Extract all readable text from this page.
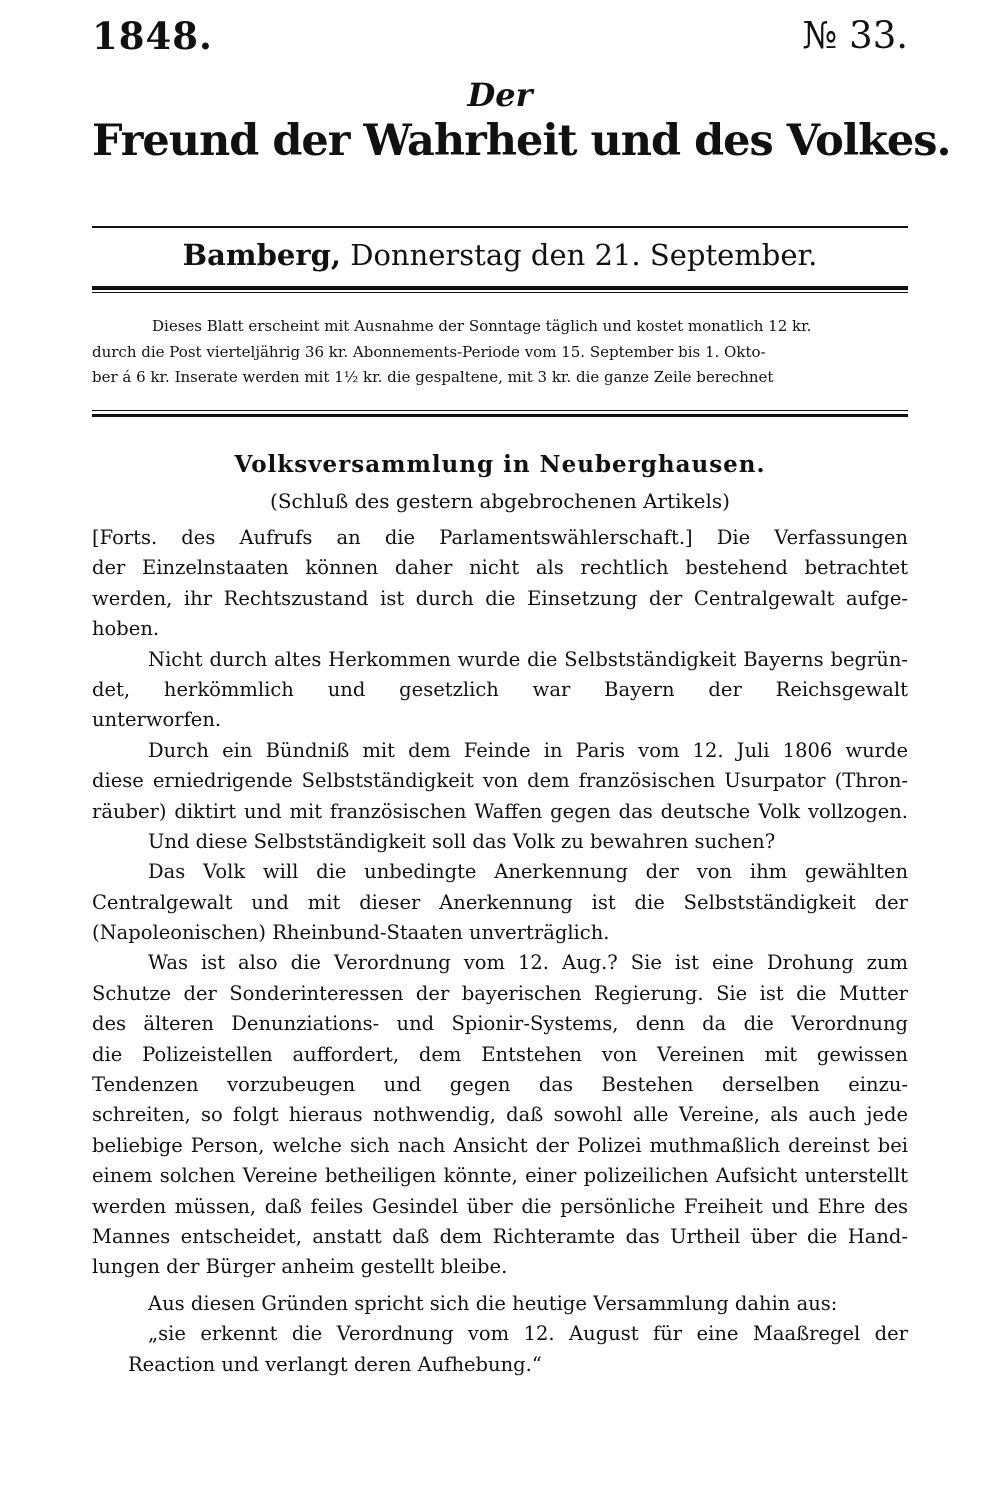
1848.	№ 33.
Der
Freund der Wahrheit und des Volkes.
Bamberg, Donnerstag den 21. September.
Dieses Blatt erscheint mit Ausnahme der Sonntage täglich und kostet monatlich 12 kr.
durch die Post vierteljährig 36 kr. Abonnements-Periode vom 15. September bis 1. Okto-
ber á 6 kr. Inserate werden mit 1½ kr. die gespaltene, mit 3 kr. die ganze Zeile berechnet
Volksversammlung in Neuberghausen.
(Schluß des gestern abgebrochenen Artikels)
[Forts. des Aufrufs an die Parlamentswählerschaft.] Die Verfassungen
der Einzelnstaaten können daher nicht als rechtlich bestehend betrachtet
werden, ihr Rechtszustand ist durch die Einsetzung der Centralgewalt aufge-
hoben.
Nicht durch altes Herkommen wurde die Selbstständigkeit Bayerns begrün-
det, herkömmlich und gesetzlich war Bayern der Reichsgewalt
unterworfen.
Durch ein Bündniß mit dem Feinde in Paris vom 12. Juli 1806 wurde
diese erniedrigende Selbstständigkeit von dem französischen Usurpator (Thron-
räuber) diktirt und mit französischen Waffen gegen das deutsche Volk vollzogen.
Und diese Selbstständigkeit soll das Volk zu bewahren suchen?
Das Volk will die unbedingte Anerkennung der von ihm gewählten
Centralgewalt und mit dieser Anerkennung ist die Selbstständigkeit der
(Napoleonischen) Rheinbund-Staaten unverträglich.
Was ist also die Verordnung vom 12. Aug.? Sie ist eine Drohung zum
Schutze der Sonderinteressen der bayerischen Regierung. Sie ist die Mutter
des älteren Denunziations- und Spionir-Systems, denn da die Verordnung
die Polizeistellen auffordert, dem Entstehen von Vereinen mit gewissen
Tendenzen vorzubeugen und gegen das Bestehen derselben einzu-
schreiten, so folgt hieraus nothwendig, daß sowohl alle Vereine, als auch jede
beliebige Person, welche sich nach Ansicht der Polizei muthmaßlich dereinst bei
einem solchen Vereine betheiligen könnte, einer polizeilichen Aufsicht unterstellt
werden müssen, daß feiles Gesindel über die persönliche Freiheit und Ehre des
Mannes entscheidet, anstatt daß dem Richteramte das Urtheil über die Hand-
lungen der Bürger anheim gestellt bleibe.
Aus diesen Gründen spricht sich die heutige Versammlung dahin aus:
„sie erkennt die Verordnung vom 12. August für eine Maaßregel der
Reaction und verlangt deren Aufhebung.“
